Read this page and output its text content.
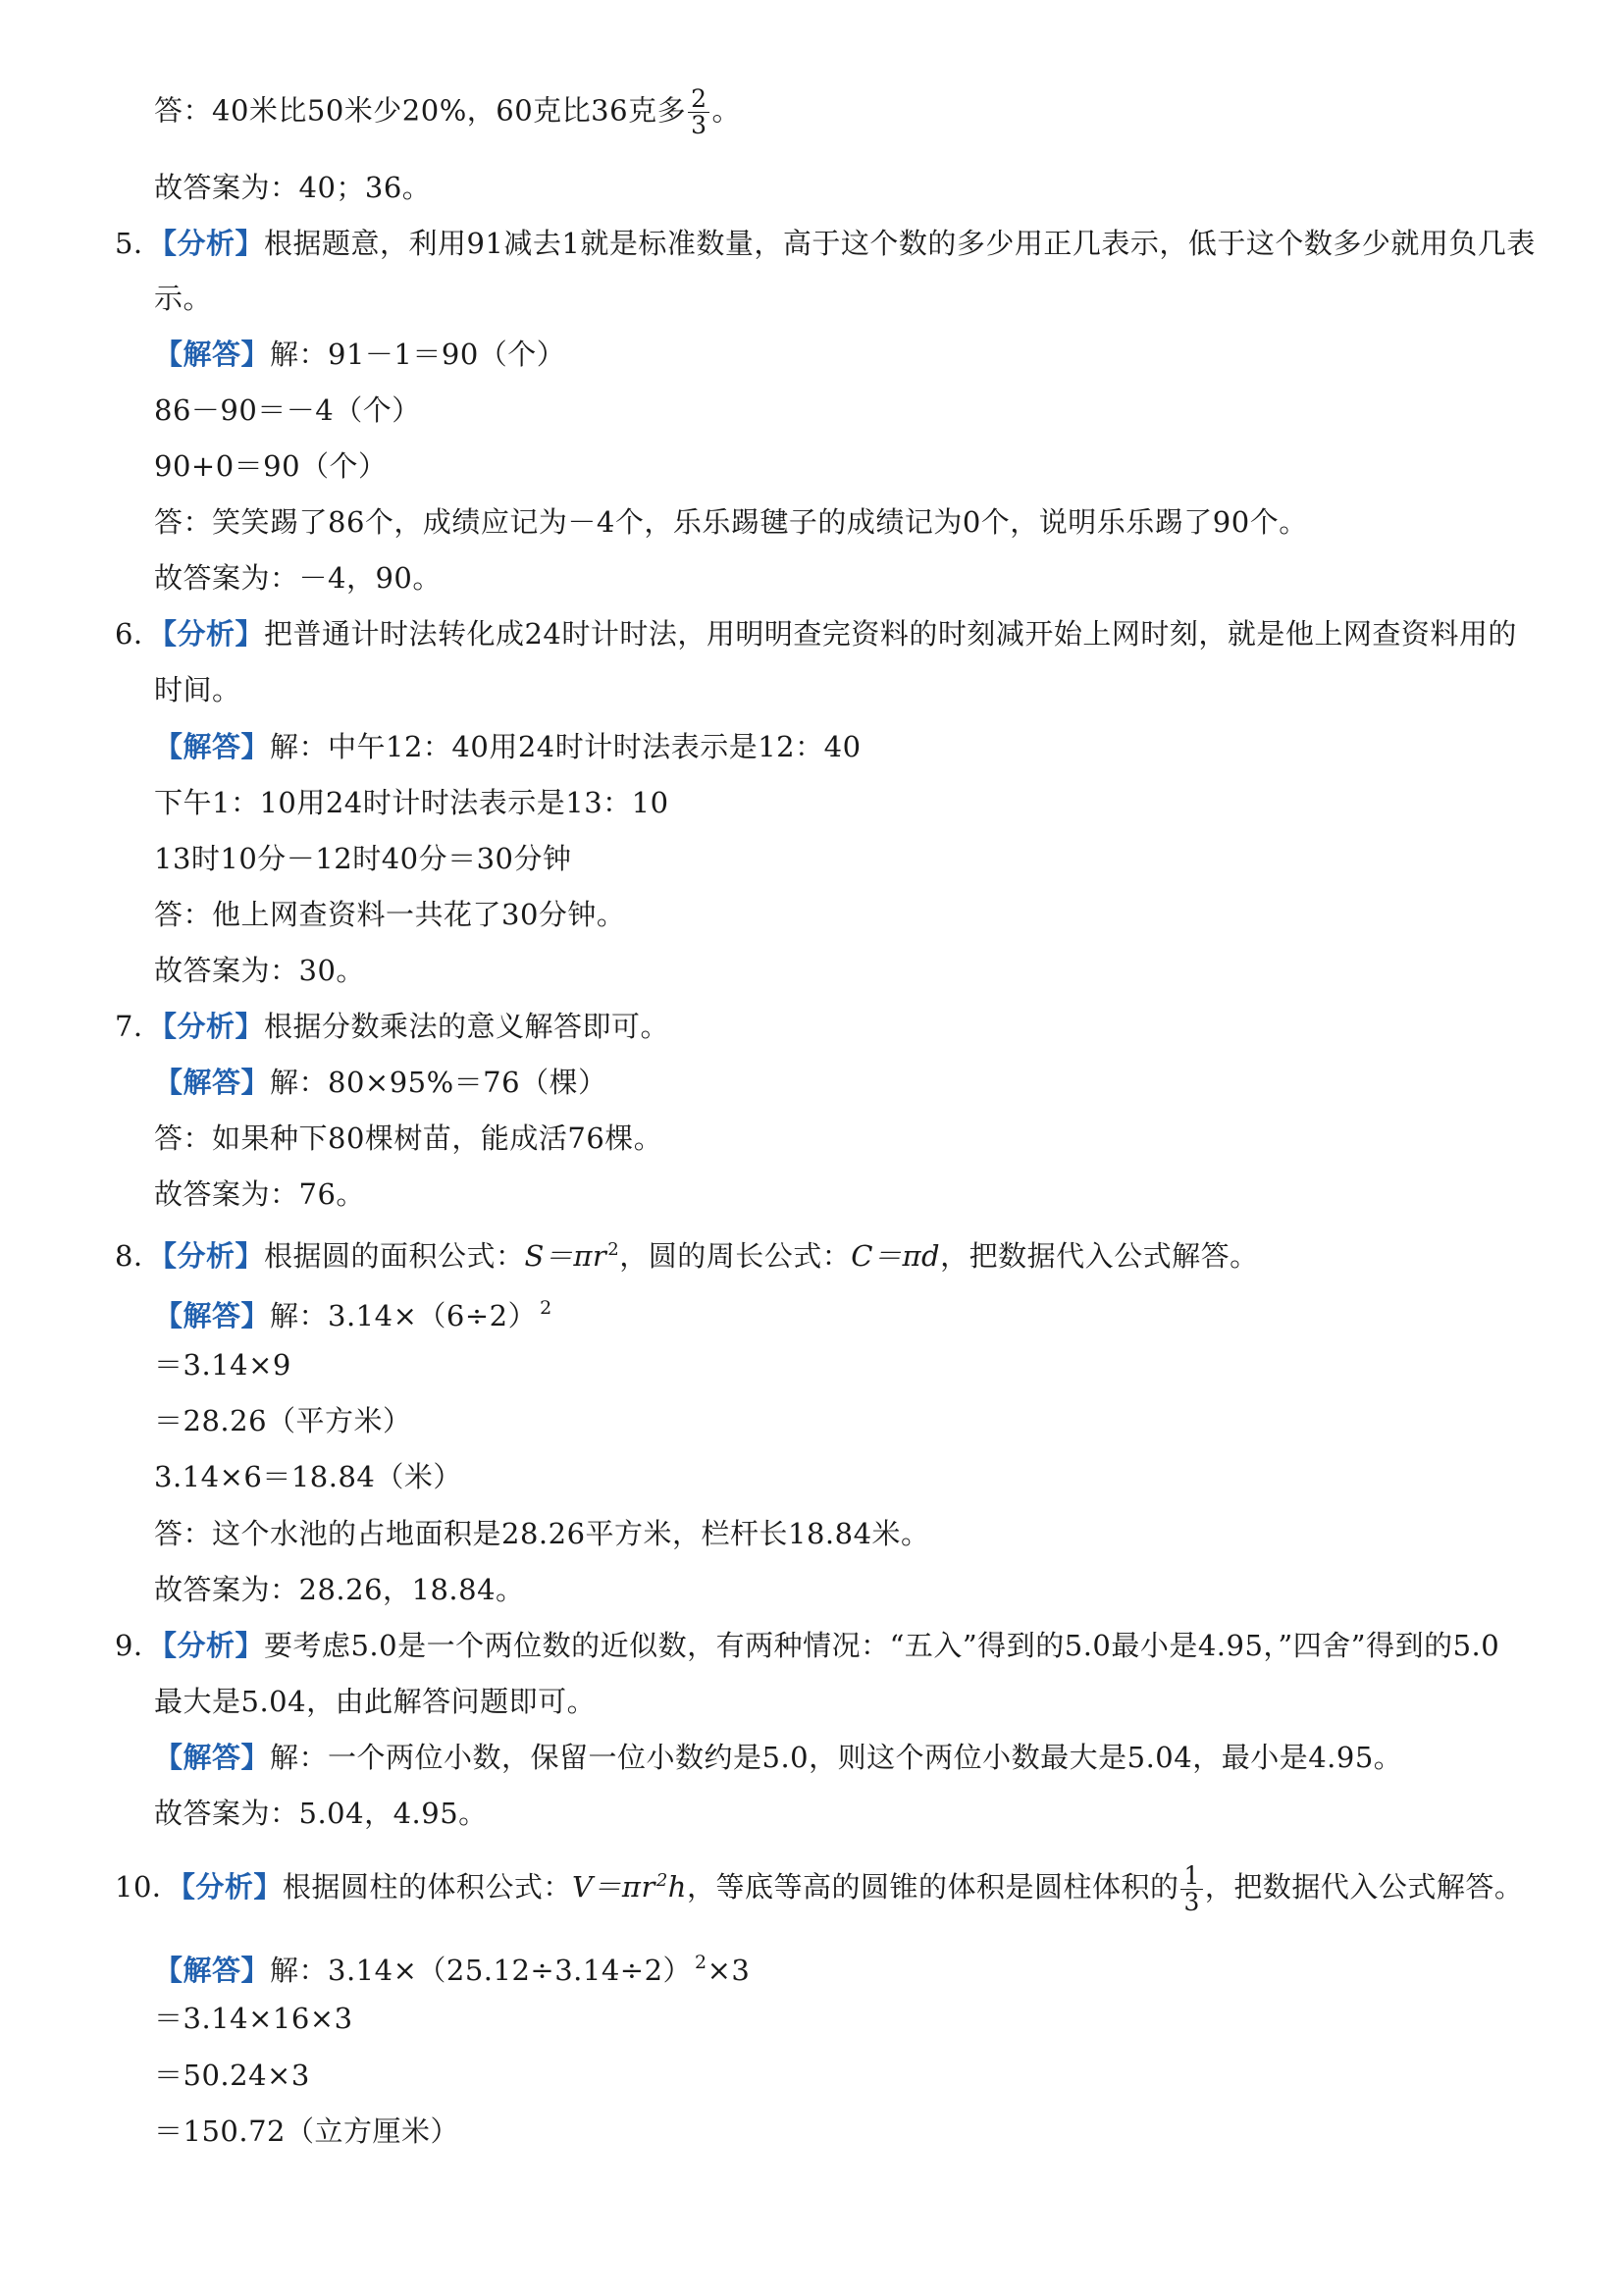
答：40米比50米少20%，60克比36克多 $\frac{2}{3}$ 。
故答案为：40；36。
5．【分析】根据题意，利用91减去1就是标准数量，高于这个数的多少用正几表示，低于这个数多少就用负几表
示。
【解答】解：91－1＝90（个）
86－90＝－4（个）
90+0＝90（个）
答：笑笑踢了86个，成绩应记为－4个，乐乐踢毽子的成绩记为0个，说明乐乐踢了90个。
故答案为：－4，90。
6．【分析】把普通计时法转化成24时计时法，用明明查完资料的时刻减开始上网时刻，就是他上网查资料用的
时间。
【解答】解：中午12：40用24时计时法表示是12：40
下午1：10用24时计时法表示是13：10
13时10分－12时40分＝30分钟
答：他上网查资料一共花了30分钟。
故答案为：30。
7．【分析】根据分数乘法的意义解答即可。
【解答】解：80×95%＝76（棵）
答：如果种下80棵树苗，能成活76棵。
故答案为：76。
8．【分析】根据圆的面积公式：$S=\pi r^2$，圆的周长公式：C＝πd，把数据代入公式解答。
【解答】解：3.14×（6÷2） $^2$
＝3.14×9
＝28.26（平方米）
3.14×6＝18.84（米）
答：这个水池的占地面积是28.26平方米，栏杆长18.84米。
故答案为：28.26，18.84。
9．【分析】要考虑5.0是一个两位数的近似数，有两种情况：“五入”得到的5.0最小是4.95，”四舍”得到的5.0
最大是5.04，由此解答问题即可。
【解答】解：一个两位小数，保留一位小数约是5.0，则这个两位小数最大是5.04，最小是4.95。
故答案为：5.04，4.95。
10．【分析】根据圆柱的体积公式：$V=\pi r^2h$，等底等高的圆锥的体积是圆柱体积的 $\frac{1}{3}$ ，把数据代入公式解答。
【解答】解：3.14×（25.12÷3.14÷2） $^2$×3
＝3.14×16×3
＝50.24×3
＝150.72（立方厘米）
